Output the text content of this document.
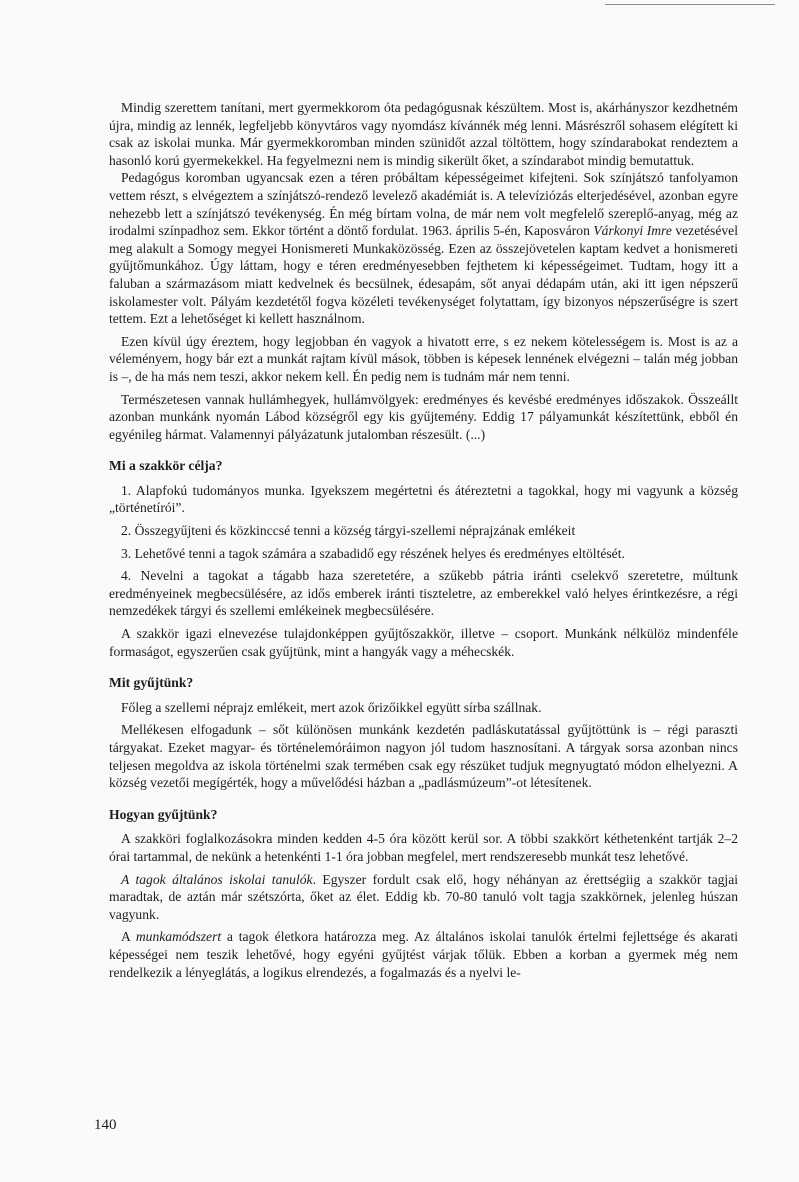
Mindig szerettem tanítani, mert gyermekkorom óta pedagógusnak készültem. Most is, akárhányszor kezdhetném újra, mindig az lennék, legfeljebb könyvtáros vagy nyomdász kívánnék még lenni. Másrészről sohasem elégített ki csak az iskolai munka. Már gyermekkoromban minden szünidőt azzal töltöttem, hogy színdarabokat rendeztem a hasonló korú gyermekekkel. Ha fegyelmezni nem is mindig sikerült őket, a színdarabot mindig bemutattuk.

Pedagógus koromban ugyancsak ezen a téren próbáltam képességeimet kifejteni. Sok színjátszó tanfolyamon vettem részt, s elvégeztem a színjátszó-rendező levelező akadémiát is. A televíziózás elterjedésével, azonban egyre nehezebb lett a színjátszó tevékenység. Én még bírtam volna, de már nem volt megfelelő szereplő-anyag, még az irodalmi színpadhoz sem. Ekkor történt a döntő fordulat. 1963. április 5-én, Kaposváron Várkonyi Imre vezetésével meg alakult a Somogy megyei Honismereti Munkaközösség. Ezen az összejövetelen kaptam kedvet a honismereti gyűjtőmunkához. Úgy láttam, hogy e téren eredményesebben fejthetem ki képességeimet. Tudtam, hogy itt a faluban a származásom miatt kedvelnek és becsülnek, édesapám, sőt anyai dédapám után, aki itt igen népszerű iskolamester volt. Pályám kezdetétől fogva közéleti tevékenységet folytattam, így bizonyos népszerűségre is szert tettem. Ezt a lehetőséget ki kellett használnom.

Ezen kívül úgy éreztem, hogy legjobban én vagyok a hivatott erre, s ez nekem kötelességem is. Most is az a véleményem, hogy bár ezt a munkát rajtam kívül mások, többen is képesek lennének elvégezni – talán még jobban is –, de ha más nem teszi, akkor nekem kell. Én pedig nem is tudnám már nem tenni.

Természetesen vannak hullámhegyek, hullámvölgyek: eredményes és kevésbé eredményes időszakok. Összeállt azonban munkánk nyomán Lábod községről egy kis gyűjtemény. Eddig 17 pályamunkát készítettünk, ebből én egyénileg hármat. Valamennyi pályázatunk jutalomban részesült. (...)

Mi a szakkör célja?

1. Alapfokú tudományos munka. Igyekszem megértetni és átéreztetni a tagokkal, hogy mi vagyunk a község „történetírói”.

2. Összegyűjteni és közkinccsé tenni a község tárgyi-szellemi néprajzának emlékeit

3. Lehetővé tenni a tagok számára a szabadidő egy részének helyes és eredményes eltöltését.

4. Nevelni a tagokat a tágabb haza szeretetére, a szűkebb pátria iránti cselekvő szeretetre, múltunk eredményeinek megbecsülésére, az idős emberek iránti tiszteletre, az emberekkel való helyes érintkezésre, a régi nemzedékek tárgyi és szellemi emlékeinek megbecsülésére.

A szakkör igazi elnevezése tulajdonképpen gyűjtőszakkör, illetve – csoport. Munkánk nélkülöz mindenféle formaságot, egyszerűen csak gyűjtünk, mint a hangyák vagy a méhecskék.

Mit gyűjtünk?

Főleg a szellemi néprajz emlékeit, mert azok őrizőikkel együtt sírba szállnak.

Mellékesen elfogadunk – sőt különösen munkánk kezdetén padláskutatással gyűjtöttünk is – régi paraszti tárgyakat. Ezeket magyar- és történelemóráimon nagyon jól tudom hasznosítani. A tárgyak sorsa azonban nincs teljesen megoldva az iskola történelmi szak termében csak egy részüket tudjuk megnyugtató módon elhelyezni. A község vezetői megígérték, hogy a művelődési házban a „padlásmúzeum”-ot létesítenek.

Hogyan gyűjtünk?

A szakköri foglalkozásokra minden kedden 4-5 óra között kerül sor. A többi szakkört kéthetenként tartják 2–2 órai tartammal, de nekünk a hetenkénti 1-1 óra jobban megfelel, mert rendszeresebb munkát tesz lehetővé.

A tagok általános iskolai tanulók. Egyszer fordult csak elő, hogy néhányan az érettségiig a szakkör tagjai maradtak, de aztán már szétszórta, őket az élet. Eddig kb. 70-80 tanuló volt tagja szakkörnek, jelenleg húszan vagyunk.

A munkamódszert a tagok életkora határozza meg. Az általános iskolai tanulók értelmi fejlettsége és akarati képességei nem teszik lehetővé, hogy egyéni gyűjtést várjak tőlük. Ebben a korban a gyermek még nem rendelkezik a lényeglátás, a logikus elrendezés, a fogalmazás és a nyelvi le-

140
